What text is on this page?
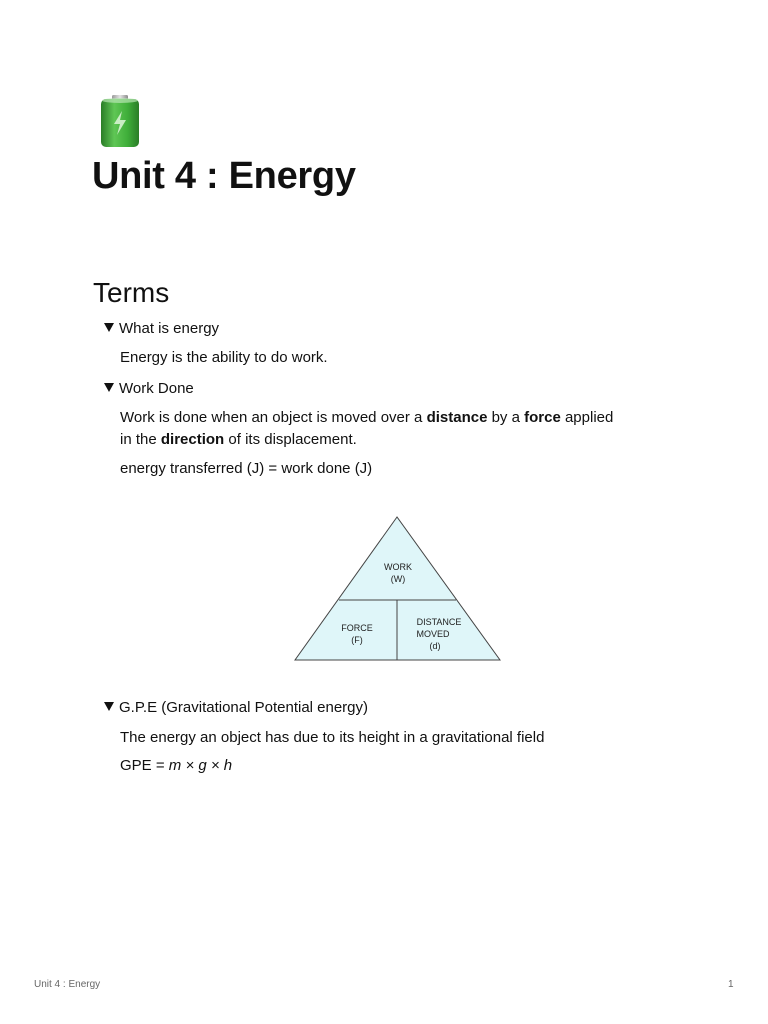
Unit 4 : Energy
Terms
What is energy
Energy is the ability to do work.
Work Done
Work is done when an object is moved over a distance by a force applied
in the direction of its displacement.
energy transferred (J) = work done (J)
WORK
(W)
FORCE
(F)
DISTANCE
MOVED
(d)
G.P.E (Gravitational Potential energy)
The energy an object has due to its height in a gravitational field
GPE = m × g × h
Unit 4 : Energy	1
